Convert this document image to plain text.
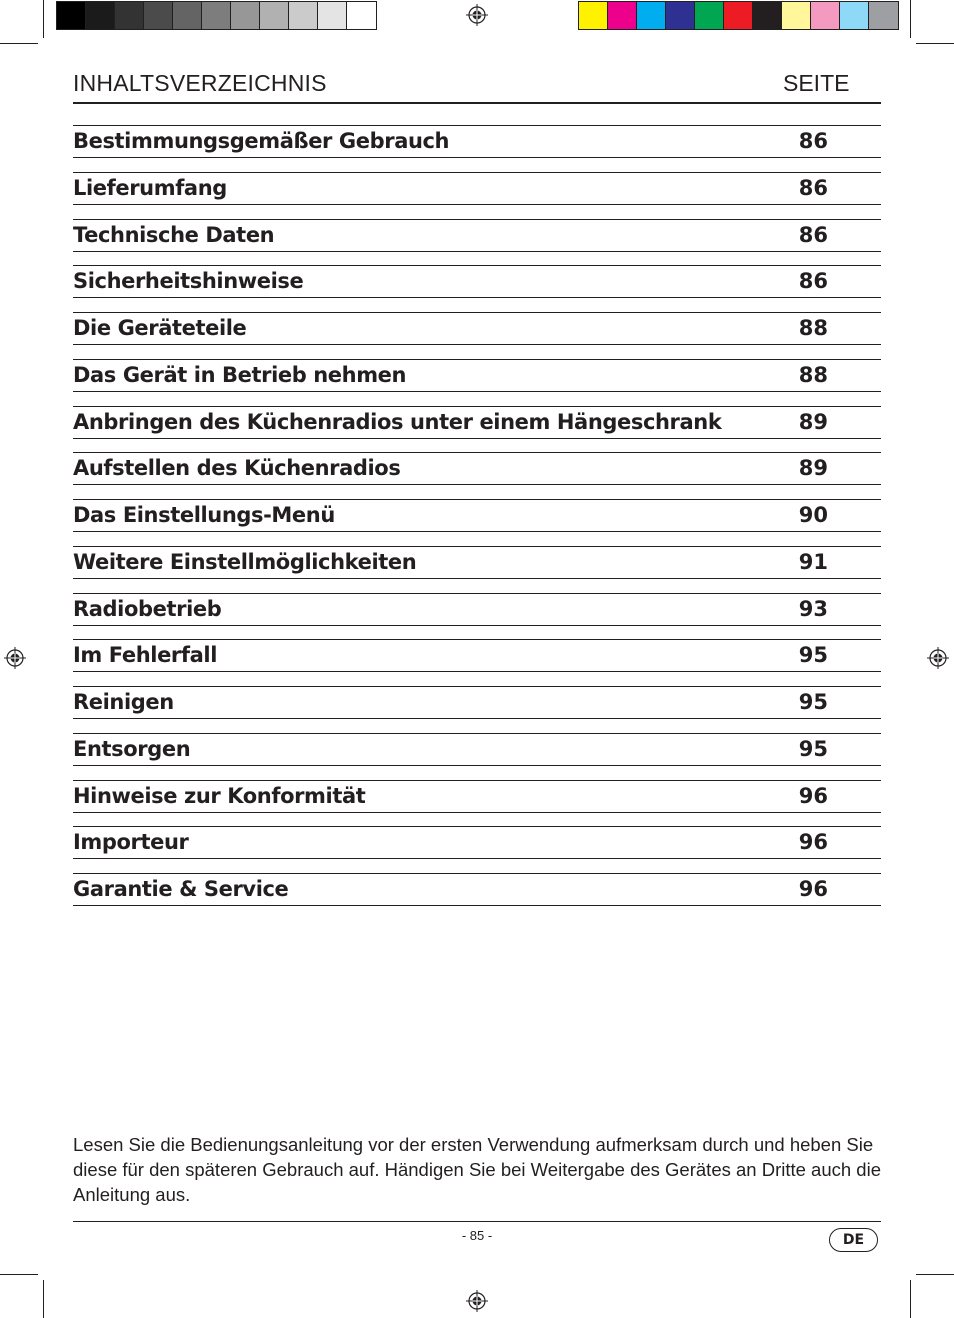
INHALTSVERZEICHNIS	SEITE
Bestimmungsgemäßer Gebrauch	86
Lieferumfang	86
Technische Daten	86
Sicherheitshinweise	86
Die Geräteteile	88
Das Gerät in Betrieb nehmen	88
Anbringen des Küchenradios unter einem Hängeschrank	89
Aufstellen des Küchenradios	89
Das Einstellungs-Menü	90
Weitere Einstellmöglichkeiten	91
Radiobetrieb	93
Im Fehlerfall	95
Reinigen	95
Entsorgen	95
Hinweise zur Konformität	96
Importeur	96
Garantie & Service	96

Lesen Sie die Bedienungsanleitung vor der ersten Verwendung aufmerksam durch und heben Sie diese für den späteren Gebrauch auf. Händigen Sie bei Weitergabe des Gerätes an Dritte auch die Anleitung aus.

- 85 -	DE
